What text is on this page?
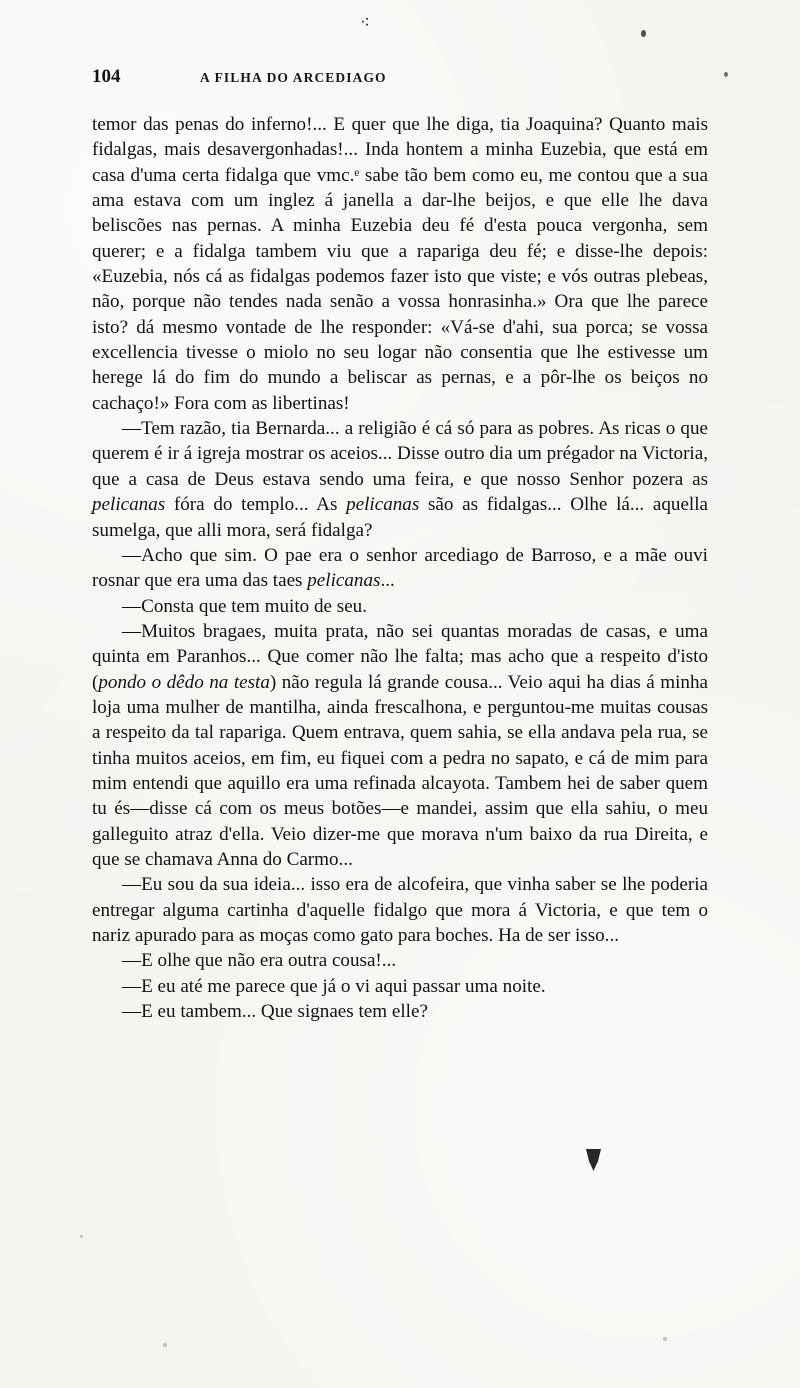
⁖
104	A FILHA DO ARCEDIAGO

temor das penas do inferno!... E quer que lhe diga, tia Joaquina? Quanto mais fidalgas, mais desavergonhadas!... Inda hontem a minha Euzebia, que está em casa d'uma certa fidalga que vmc.ᵉ sabe tão bem como eu, me contou que a sua ama estava com um inglez á janella a dar-lhe beijos, e que elle lhe dava beliscões nas pernas. A minha Euzebia deu fé d'esta pouca vergonha, sem querer; e a fidalga tambem viu que a rapariga deu fé; e disse-lhe depois: «Euzebia, nós cá as fidalgas podemos fazer isto que viste; e vós outras plebeas, não, porque não tendes nada senão a vossa honrasinha.» Ora que lhe parece isto? dá mesmo vontade de lhe responder: «Vá-se d'ahi, sua porca; se vossa excellencia tivesse o miolo no seu logar não consentia que lhe estivesse um herege lá do fim do mundo a beliscar as pernas, e a pôr-lhe os beiços no cachaço!» Fora com as libertinas!

—Tem razão, tia Bernarda... a religião é cá só para as pobres. As ricas o que querem é ir á igreja mostrar os aceios... Disse outro dia um prégador na Victoria, que a casa de Deus estava sendo uma feira, e que nosso Senhor pozera as pelicanas fóra do templo... As pelicanas são as fidalgas... Olhe lá... aquella sumelga, que alli mora, será fidalga?

—Acho que sim. O pae era o senhor arcediago de Barroso, e a mãe ouvi rosnar que era uma das taes pelicanas...

—Consta que tem muito de seu.

—Muitos bragaes, muita prata, não sei quantas moradas de casas, e uma quinta em Paranhos... Que comer não lhe falta; mas acho que a respeito d'isto (pondo o dêdo na testa) não regula lá grande cousa... Veio aqui ha dias á minha loja uma mulher de mantilha, ainda frescalhona, e perguntou-me muitas cousas a respeito da tal rapariga. Quem entrava, quem sahia, se ella andava pela rua, se tinha muitos aceios, em fim, eu fiquei com a pedra no sapato, e cá de mim para mim entendi que aquillo era uma refinada alcayota. Tambem hei de saber quem tu és—disse cá com os meus botões—e mandei, assim que ella sahiu, o meu galleguito atraz d'ella. Veio dizer-me que morava n'um baixo da rua Direita, e que se chamava Anna do Carmo...

—Eu sou da sua ideia... isso era de alcofeira, que vinha saber se lhe poderia entregar alguma cartinha d'aquelle fidalgo que mora á Victoria, e que tem o nariz apurado para as moças como gato para boches. Ha de ser isso...

—E olhe que não era outra cousa!...

—E eu até me parece que já o vi aqui passar uma noite.

—E eu tambem... Que signaes tem elle?
